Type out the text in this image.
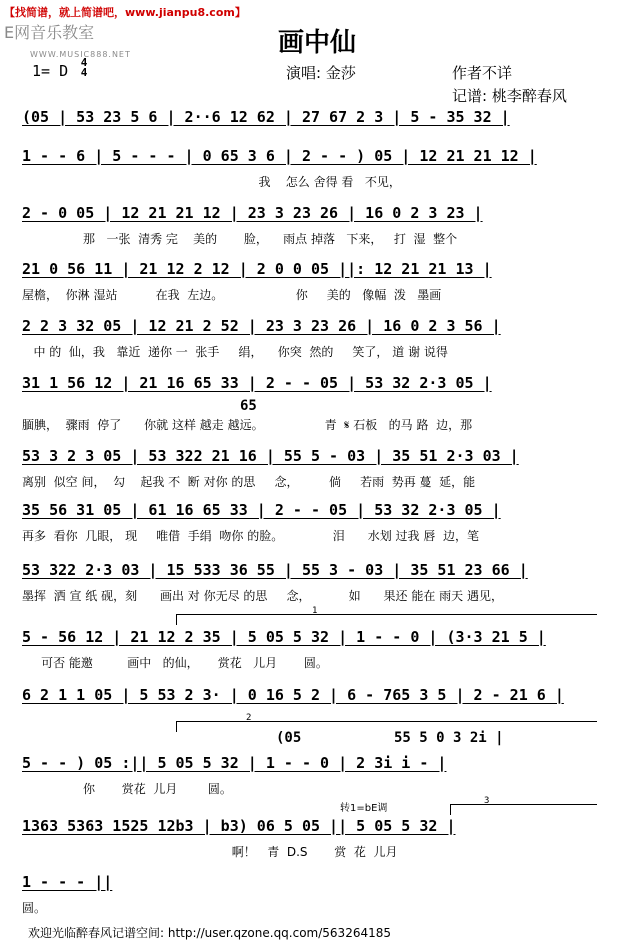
【找简谱，就上简谱吧，www.jianpu8.com】
E网音乐教室
WWW.MUSIC888.NET	画中仙
1= D 4
4	演唱: 金莎	作者不详
记谱: 桃李醉春风
(05 | 53 23 5 6 | 2··6 12 62 | 27 67 2 3 | 5 - 35 32 |
1 - - 6 | 5 - - - | 0 65 3 6 | 2 - - ) 05 | 12 21 21 12 |
我    怎么 舍得 看   不见，
2 - 0 05 | 12 21 21 12 | 23 3 23 26 | 16 0 2 3 23 |
那   一张  清秀 完    美的       脸，    雨点 掉落   下来，   打  湿  整个
21 0 56 11 | 21 12 2 12 | 2 0 0 05 ||: 12 21 21 13 |
屋檐，  你淋 湿站          在我  左边。                   你     美的   像幅  泼   墨画
2 2 3 32 05 | 12 21 2 52 | 23 3 23 26 | 16 0 2 3 56 |
中 的  仙，我   靠近  递你 一  张手     绢，    你突  然的     笑了， 道 谢 说得
31 1 56 12 | 21 16 65 33 | 2 - - 05 | 53 32 2·3 05 |
65
腼腆，  骤雨  停了      你就 这样 越走 越远。                青  𝄋 石板   的马 路  边，那
53 3 2 3 05 | 53 322 21 16 | 55 5 - 03 | 35 51 2·3 03 |
离别  似空 间，  勾    起我 不  断 对你 的思     念，        倘     若雨  势再 蔓  延，能
35 56 31 05 | 61 16 65 33 | 2 - - 05 | 53 32 2·3 05 |
再多  看你  几眼， 现     唯借  手绢  吻你 的脸。             泪      水划 过我 唇  边，笔
53 322 2·3 03 | 15 533 36 55 | 55 3 - 03 | 35 51 23 66 |
墨挥  洒 宣 纸 砚，刻      画出 对 你无尽 的思     念，          如      果还 能在 雨天 遇见，
1
5 - 56 12 | 21 12 2 35 | 5 05 5 32 | 1 - - 0 | (3·3 21 5 |
可否 能邀         画中   的仙，     赏花   儿月       圆。
6 2 1 1 05 | 5 53 2 3· | 0 16 5 2 | 6 - 765 3 5 | 2 - 21 6 |
2
(05           55 5 0 3 2i |
5 - - ) 05 :|| 5 05 5 32 | 1 - - 0 | 2 3i i - |
你       赏花  儿月        圆。
转1=bE调
3
1363 5363 1525 12b3 | b3) 06 5 05 || 5 05 5 32 |
啊！   青  D.S       赏  花  儿月
1 - - - ||
圆。
欢迎光临醉春风记谱空间: http://user.qzone.qq.com/563264185
